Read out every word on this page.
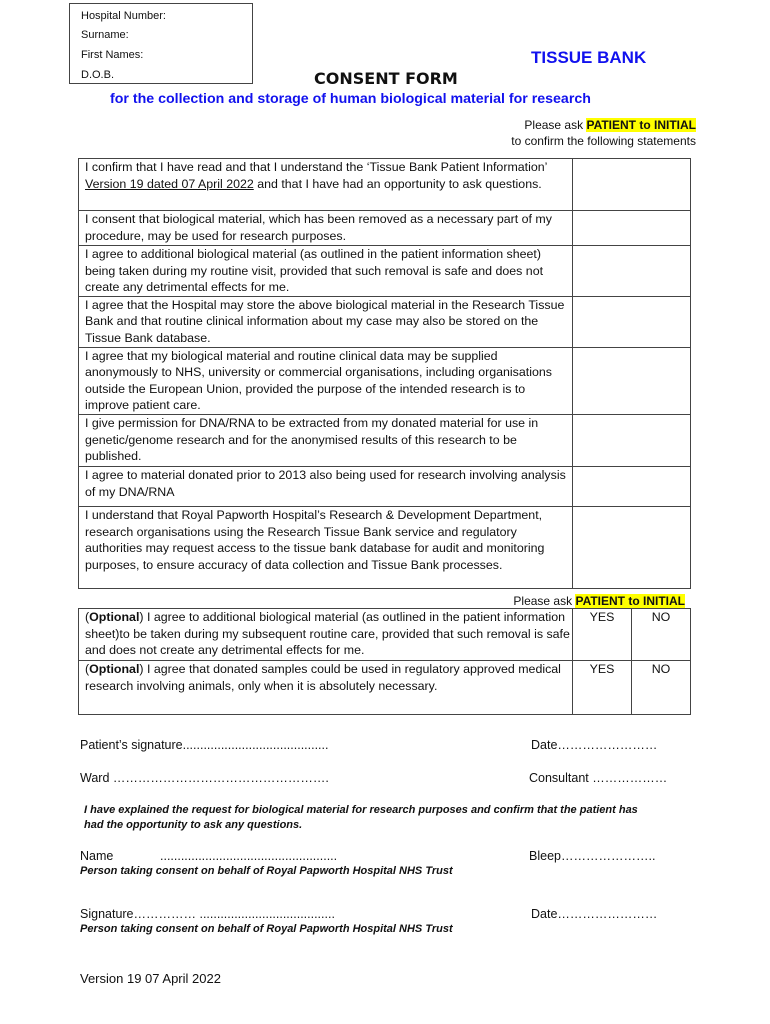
Hospital Number:
Surname:
First Names:
D.O.B.
TISSUE BANK
CONSENT FORM
for the collection and storage of human biological material for research
Please ask PATIENT to INITIAL
to confirm the following statements
I confirm that I have read and that I understand the ‘Tissue Bank Patient Information’ Version 19 dated 07 April 2022 and that I have had an opportunity to ask questions.	
I consent that biological material, which has been removed as a necessary part of my procedure, may be used for research purposes.	
I agree to additional biological material (as outlined in the patient information sheet) being taken during my routine visit, provided that such removal is safe and does not create any detrimental effects for me.	
I agree that the Hospital may store the above biological material in the Research Tissue Bank and that routine clinical information about my case may also be stored on the Tissue Bank database.	
I agree that my biological material and routine clinical data may be supplied anonymously to NHS, university or commercial organisations, including organisations outside the European Union, provided the purpose of the intended research is to improve patient care.	
I give permission for DNA/RNA to be extracted from my donated material for use in genetic/genome research and for the anonymised results of this research to be published.	
I agree to material donated prior to 2013 also being used for research involving analysis of my DNA/RNA	
I understand that Royal Papworth Hospital’s Research & Development Department, research organisations using the Research Tissue Bank service and regulatory authorities may request access to the tissue bank database for audit and monitoring purposes, to ensure accuracy of data collection and Tissue Bank processes.	
Please ask PATIENT to INITIAL
(Optional) I agree to additional biological material (as outlined in the patient information sheet)to be taken during my subsequent routine care, provided that such removal is safe and does not create any detrimental effects for me.	YES	NO
(Optional) I agree that donated samples could be used in regulatory approved medical research involving animals, only when it is absolutely necessary.	YES	NO
Patient’s signature..........................................	Date……………………
Ward …………………………………………….	Consultant ………………
I have explained the request for biological material for research purposes and confirm that the patient has had the opportunity to ask any questions.
Name	...................................................	Bleep…………………..
Person taking consent on behalf of Royal Papworth Hospital NHS Trust
Signature…………… .......................................	Date……………………
Person taking consent on behalf of Royal Papworth Hospital NHS Trust
Version 19 07 April 2022
